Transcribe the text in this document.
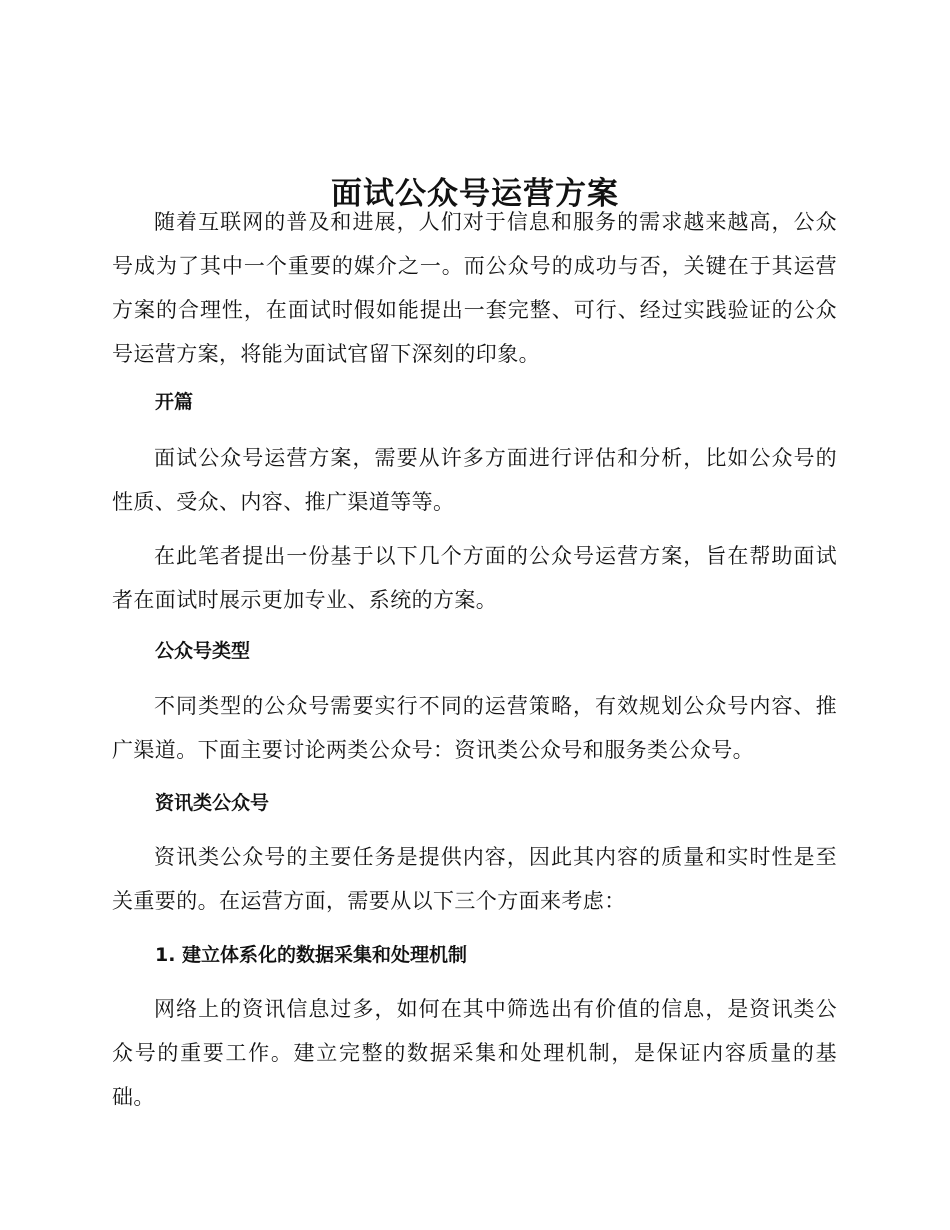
面试公众号运营方案

随着互联网的普及和进展，人们对于信息和服务的需求越来越高，公众号成为了其中一个重要的媒介之一。而公众号的成功与否，关键在于其运营方案的合理性，在面试时假如能提出一套完整、可行、经过实践验证的公众号运营方案，将能为面试官留下深刻的印象。

开篇

面试公众号运营方案，需要从许多方面进行评估和分析，比如公众号的性质、受众、内容、推广渠道等等。

在此笔者提出一份基于以下几个方面的公众号运营方案，旨在帮助面试者在面试时展示更加专业、系统的方案。

公众号类型

不同类型的公众号需要实行不同的运营策略，有效规划公众号内容、推广渠道。下面主要讨论两类公众号：资讯类公众号和服务类公众号。

资讯类公众号

资讯类公众号的主要任务是提供内容，因此其内容的质量和实时性是至关重要的。在运营方面，需要从以下三个方面来考虑：

1. 建立体系化的数据采集和处理机制

网络上的资讯信息过多，如何在其中筛选出有价值的信息，是资讯类公众号的重要工作。建立完整的数据采集和处理机制，是保证内容质量的基础。
